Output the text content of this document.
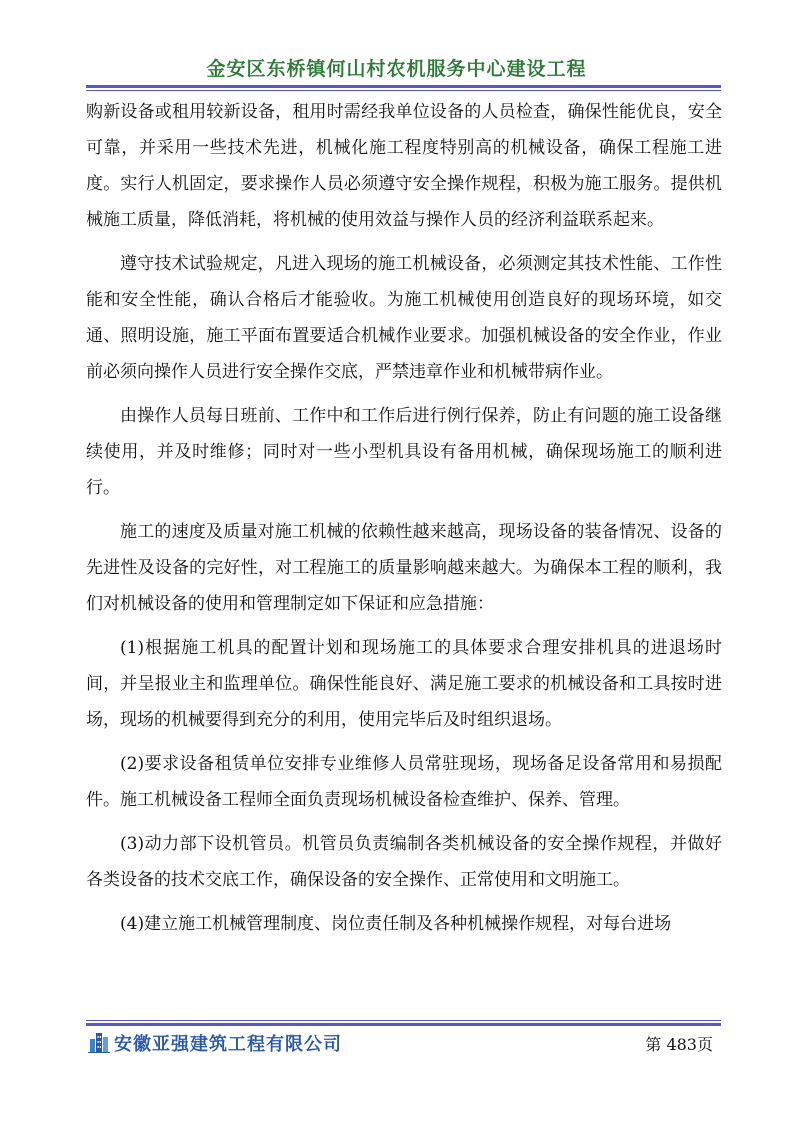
金安区东桥镇何山村农机服务中心建设工程

购新设备或租用较新设备，租用时需经我单位设备的人员检查，确保性能优良，安全可靠，并采用一些技术先进，机械化施工程度特别高的机械设备，确保工程施工进度。实行人机固定，要求操作人员必须遵守安全操作规程，积极为施工服务。提供机械施工质量，降低消耗，将机械的使用效益与操作人员的经济利益联系起来。

遵守技术试验规定，凡进入现场的施工机械设备，必须测定其技术性能、工作性能和安全性能，确认合格后才能验收。为施工机械使用创造良好的现场环境，如交通、照明设施，施工平面布置要适合机械作业要求。加强机械设备的安全作业，作业前必须向操作人员进行安全操作交底，严禁违章作业和机械带病作业。

由操作人员每日班前、工作中和工作后进行例行保养，防止有问题的施工设备继续使用，并及时维修；同时对一些小型机具设有备用机械，确保现场施工的顺利进行。

施工的速度及质量对施工机械的依赖性越来越高，现场设备的装备情况、设备的先进性及设备的完好性，对工程施工的质量影响越来越大。为确保本工程的顺利，我们对机械设备的使用和管理制定如下保证和应急措施：

(1)根据施工机具的配置计划和现场施工的具体要求合理安排机具的进退场时间，并呈报业主和监理单位。确保性能良好、满足施工要求的机械设备和工具按时进场，现场的机械要得到充分的利用，使用完毕后及时组织退场。

(2)要求设备租赁单位安排专业维修人员常驻现场，现场备足设备常用和易损配件。施工机械设备工程师全面负责现场机械设备检查维护、保养、管理。

(3)动力部下设机管员。机管员负责编制各类机械设备的安全操作规程，并做好各类设备的技术交底工作，确保设备的安全操作、正常使用和文明施工。

(4)建立施工机械管理制度、岗位责任制及各种机械操作规程，对每台进场

安徽亚强建筑工程有限公司	第 483页
